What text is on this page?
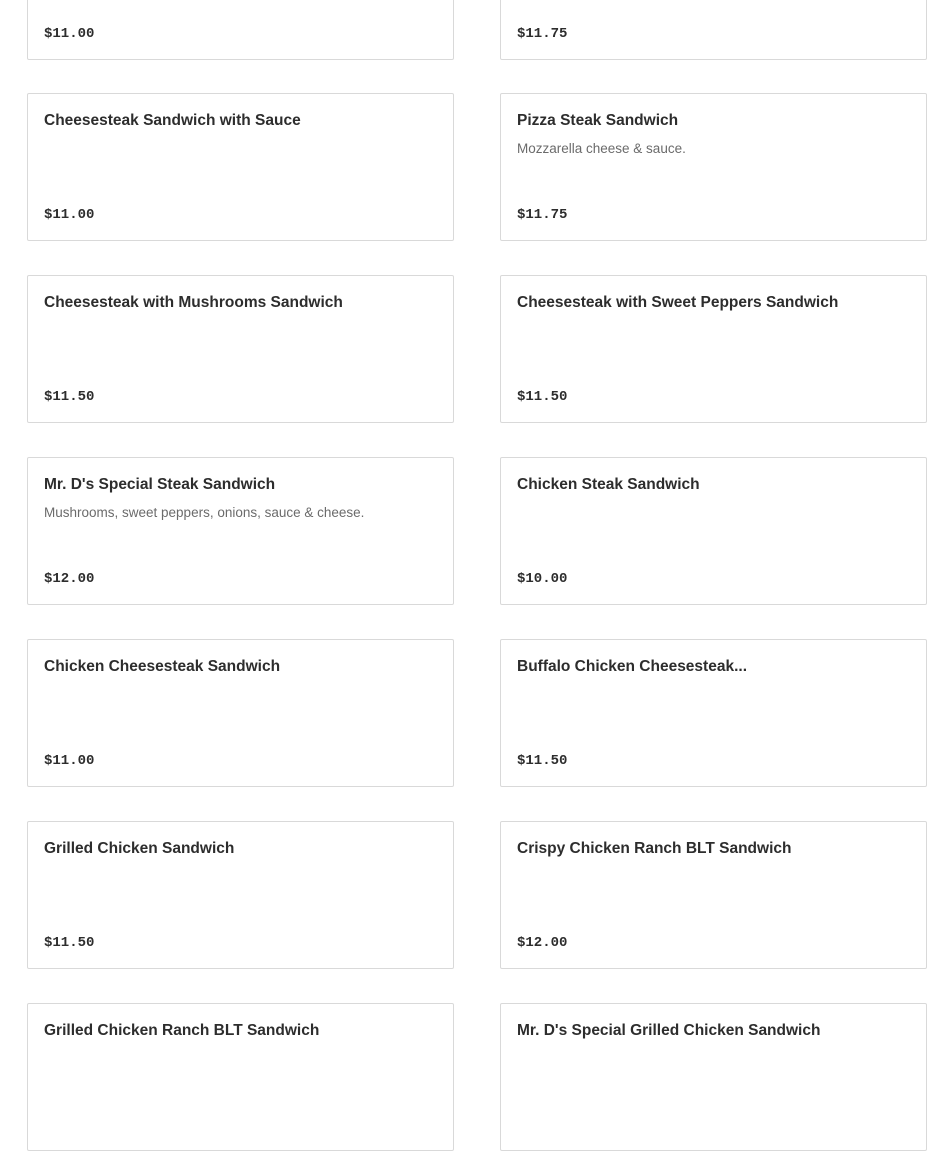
$11.00	$11.75
Cheesesteak Sandwich with Sauce
$11.00
Pizza Steak Sandwich
Mozzarella cheese & sauce.
$11.75
Cheesesteak with Mushrooms Sandwich
$11.50
Cheesesteak with Sweet Peppers Sandwich
$11.50
Mr. D's Special Steak Sandwich
Mushrooms, sweet peppers, onions, sauce & cheese.
$12.00
Chicken Steak Sandwich
$10.00
Chicken Cheesesteak Sandwich
$11.00
Buffalo Chicken Cheesesteak...
$11.50
Grilled Chicken Sandwich
$11.50
Crispy Chicken Ranch BLT Sandwich
$12.00
Grilled Chicken Ranch BLT Sandwich	Mr. D's Special Grilled Chicken Sandwich
